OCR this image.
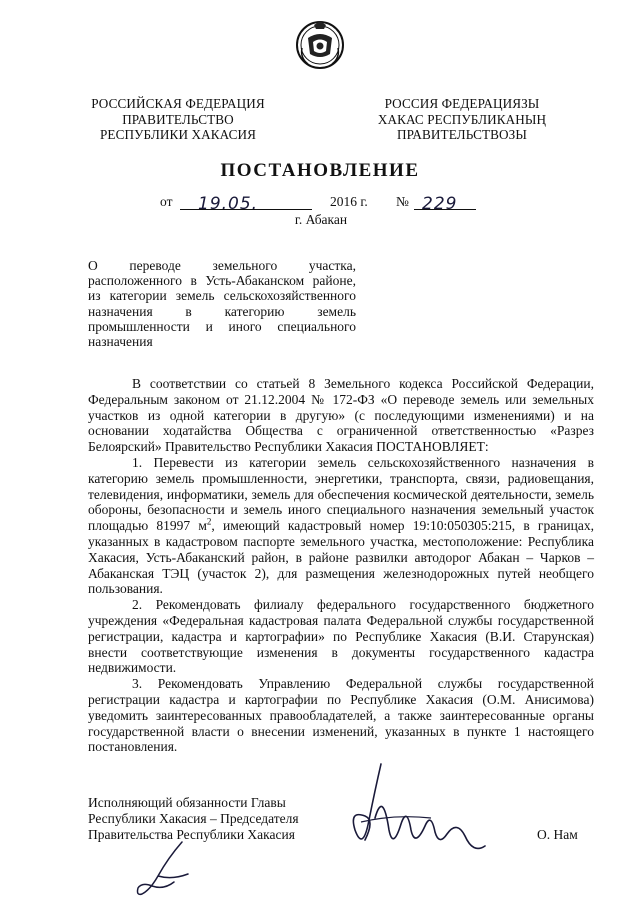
РОССИЙСКАЯ ФЕДЕРАЦИЯ
ПРАВИТЕЛЬСТВО
РЕСПУБЛИКИ ХАКАСИЯ
РОССИЯ ФЕДЕРАЦИЯЗЫ
ХАКАС РЕСПУБЛИКАНЫҢ
ПРАВИТЕЛЬСТВОЗЫ
ПОСТАНОВЛЕНИЕ
от 19.05.	2016 г. № 229
г. Абакан
О переводе земельного участка,
расположенного в Усть-Абаканском районе,
из категории земель сельскохозяйственного
назначения в категорию земель
промышленности и иного специального
назначения

В соответствии со статьей 8 Земельного кодекса Российской Федерации, Федеральным законом от 21.12.2004 № 172-ФЗ «О переводе земель или земельных участков из одной категории в другую» (с последующими изменениями) и на основании ходатайства Общества с ограниченной ответственностью «Разрез Белоярский» Правительство Республики Хакасия ПОСТАНОВЛЯЕТ:

1. Перевести из категории земель сельскохозяйственного назначения в категорию земель промышленности, энергетики, транспорта, связи, радиовещания, телевидения, информатики, земель для обеспечения космической деятельности, земель обороны, безопасности и земель иного специального назначения земельный участок площадью 81997 $м^2$, имеющий кадастровый номер 19:10:050305:215, в границах, указанных в кадастровом паспорте земельного участка, местоположение: Республика Хакасия, Усть-Абаканский район, в районе развилки автодорог Абакан – Чарков – Абаканская ТЭЦ (участок 2), для размещения железнодорожных путей необщего пользования.

2. Рекомендовать филиалу федерального государственного бюджетного учреждения «Федеральная кадастровая палата Федеральной службы государственной регистрации, кадастра и картографии» по Республике Хакасия (В.И. Старунская) внести соответствующие изменения в документы государственного кадастра недвижимости.

3. Рекомендовать Управлению Федеральной службы государственной регистрации кадастра и картографии по Республике Хакасия (О.М. Анисимова) уведомить заинтересованных правообладателей, а также заинтересованные органы государственной власти о внесении изменений, указанных в пункте 1 настоящего постановления.

Исполняющий обязанности Главы
Республики Хакасия – Председателя
Правительства Республики Хакасия	О. Нам
